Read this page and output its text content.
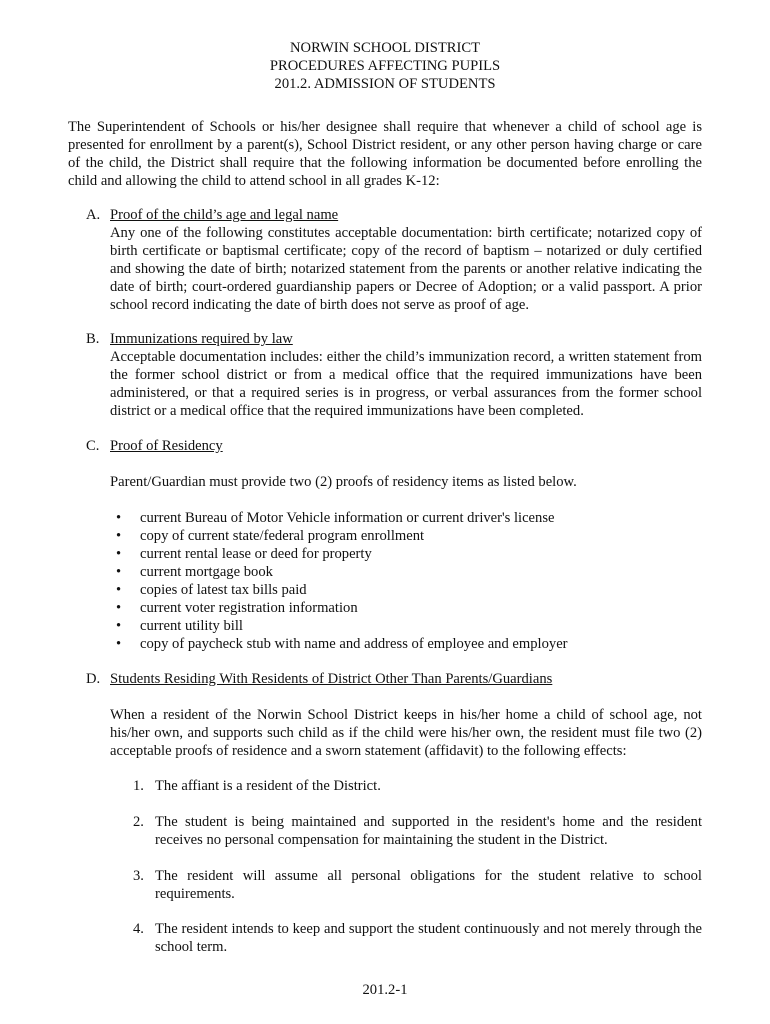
NORWIN SCHOOL DISTRICT
PROCEDURES AFFECTING PUPILS
201.2. ADMISSION OF STUDENTS
The Superintendent of Schools or his/her designee shall require that whenever a child of school age is presented for enrollment by a parent(s), School District resident, or any other person having charge or care of the child, the District shall require that the following information be documented before enrolling the child and allowing the child to attend school in all grades K-12:
A. Proof of the child’s age and legal name
Any one of the following constitutes acceptable documentation: birth certificate; notarized copy of birth certificate or baptismal certificate; copy of the record of baptism – notarized or duly certified and showing the date of birth; notarized statement from the parents or another relative indicating the date of birth; court-ordered guardianship papers or Decree of Adoption; or a valid passport. A prior school record indicating the date of birth does not serve as proof of age.
B. Immunizations required by law
Acceptable documentation includes: either the child’s immunization record, a written statement from the former school district or from a medical office that the required immunizations have been administered, or that a required series is in progress, or verbal assurances from the former school district or a medical office that the required immunizations have been completed.
C. Proof of Residency
Parent/Guardian must provide two (2) proofs of residency items as listed below.
• current Bureau of Motor Vehicle information or current driver's license
• copy of current state/federal program enrollment
• current rental lease or deed for property
• current mortgage book
• copies of latest tax bills paid
• current voter registration information
• current utility bill
• copy of paycheck stub with name and address of employee and employer
D. Students Residing With Residents of District Other Than Parents/Guardians
When a resident of the Norwin School District keeps in his/her home a child of school age, not his/her own, and supports such child as if the child were his/her own, the resident must file two (2) acceptable proofs of residence and a sworn statement (affidavit) to the following effects:
1. The affiant is a resident of the District.
2. The student is being maintained and supported in the resident's home and the resident receives no personal compensation for maintaining the student in the District.
3. The resident will assume all personal obligations for the student relative to school requirements.
4. The resident intends to keep and support the student continuously and not merely through the school term.
201.2-1
